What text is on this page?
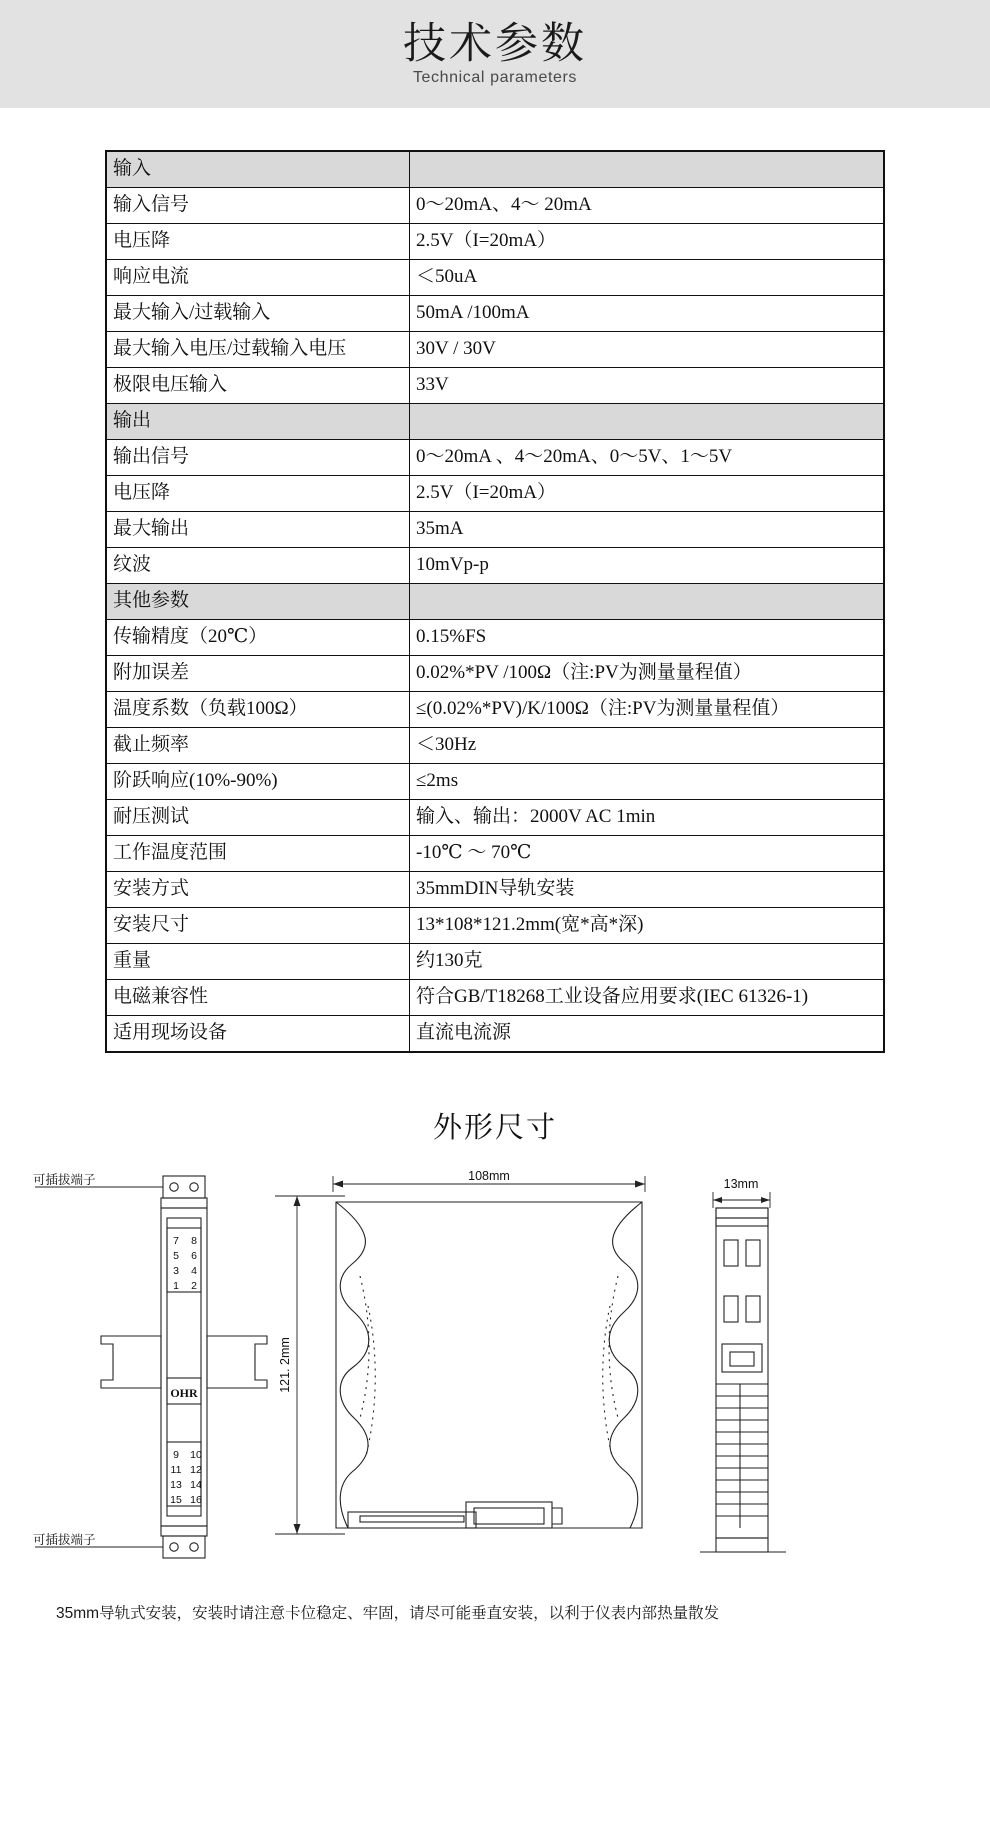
技术参数
Technical parameters
输入	
输入信号	0～20mA、4～ 20mA
电压降	2.5V（I=20mA）
响应电流	＜50uA
最大输入/过载输入	50mA /100mA
最大输入电压/过载输入电压	30V / 30V
极限电压输入	33V
输出	
输出信号	0～20mA 、4～20mA、0～5V、1～5V
电压降	2.5V（I=20mA）
最大输出	35mA
纹波	10mVp-p
其他参数	
传输精度（20℃）	0.15%FS
附加误差	0.02%*PV /100Ω（注:PV为测量量程值）
温度系数（负载100Ω）	≤(0.02%*PV)/K/100Ω（注:PV为测量量程值）
截止频率	＜30Hz
阶跃响应(10%-90%)	≤2ms
耐压测试	输入、输出：2000V AC 1min
工作温度范围	-10℃ ～ 70℃
安装方式	35mmDIN导轨安装
安装尺寸	13*108*121.2mm(宽*高*深)
重量	约130克
电磁兼容性	符合GB/T18268工业设备应用要求(IEC 61326-1)
适用现场设备	直流电流源
外形尺寸
可插拔端子
可插拔端子
108mm
13mm
121. 2mm
OHR
7 8
5 6
3 4
1 2
9 10
11 12
13 14
15 16
35mm导轨式安装，安装时请注意卡位稳定、牢固，请尽可能垂直安装，以利于仪表内部热量散发
